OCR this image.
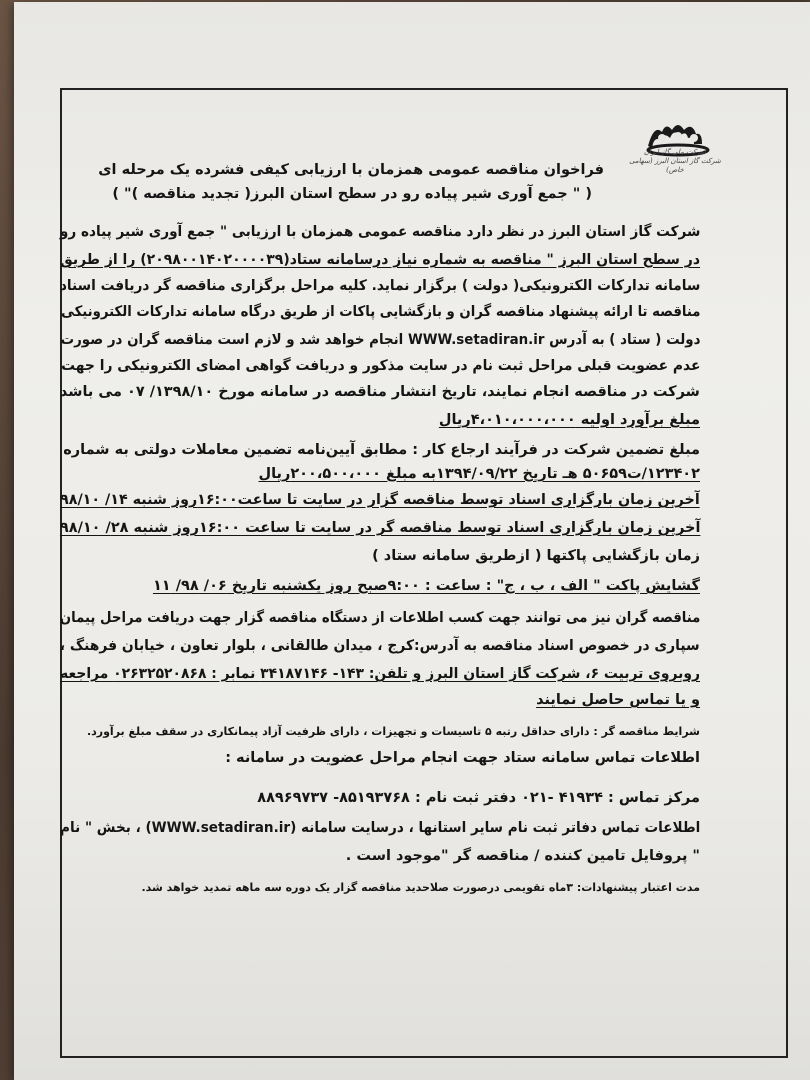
شرکت ملی گاز ایران
شرکت گاز استان البرز (سهامی خاص)
فراخوان مناقصه عمومی همزمان با ارزیابی کیفی فشرده یک مرحله ای
( " جمع آوری شیر پیاده رو در سطح استان البرز( تجدید مناقصه )" )
شرکت گاز استان البرز در نظر دارد مناقصه عمومی همزمان با ارزیابی " جمع آوری شیر پیاده رو
در سطح استان البرز " مناقصه به شماره نیاز درسامانه ستاد(۲۰۹۸۰۰۱۴۰۲۰۰۰۰۳۹) را از طریق
سامانه تدارکات الکترونیکی( دولت ) برگزار نماید. کلیه مراحل برگزاری مناقصه گر دریافت اسناد
مناقصه تا ارائه پیشنهاد مناقصه گران و بازگشایی پاکات از طریق درگاه سامانه تدارکات الکترونیکی
دولت ( ستاد ) به آدرس WWW.setadiran.ir انجام خواهد شد و لازم است مناقصه گران در صورت
عدم عضویت قبلی مراحل ثبت نام در سایت مذکور و دریافت گواهی امضای الکترونیکی را جهت
شرکت در مناقصه انجام نمایند، تاریخ انتشار مناقصه در سامانه مورخ ۱۳۹۸/۱۰/ ۰۷ می باشد
مبلغ برآورد اولیه ۴،۰۱۰،۰۰۰،۰۰۰ریال
مبلغ تضمین شرکت در فرآیند ارجاع کار : مطابق آیین‌نامه تضمین معاملات دولتی به شماره
۱۲۳۴۰۲/ت۵۰۶۵۹ هـ تاریخ ۱۳۹۴/۰۹/۲۲به مبلغ ۲۰۰،۵۰۰،۰۰۰ریال
آخرین زمان بارگزاری اسناد توسط مناقصه گزار در سایت تا ساعت۱۶:۰۰روز شنبه ۱۴/ ۹۸/۱۰
آخرین زمان بارگزاری اسناد توسط مناقصه گر در سایت تا ساعت ۱۶:۰۰روز شنبه ۲۸/ ۹۸/۱۰
زمان بازگشایی پاکتها ( ازطریق سامانه ستاد )
گشایش پاکت " الف ، ب ، ج" : ساعت : ۹:۰۰صبح روز یکشنبه تاریخ ۰۶/ ۹۸/ ۱۱
مناقصه گران نیز می توانند جهت کسب اطلاعات از دستگاه مناقصه گزار جهت دریافت مراحل پیمان
سپاری در خصوص اسناد مناقصه به آدرس:کرج ، میدان طالقانی ، بلوار تعاون ، خیابان فرهنگ ،
روبروی تربیت ۶، شرکت گاز استان البرز و تلفن: ۱۴۳- ۳۴۱۸۷۱۴۶ نمابر : ۰۲۶۳۲۵۲۰۸۶۸ مراجعه
و یا تماس حاصل نمایند
شرایط مناقصه گر : دارای حداقل رتبه ۵ تاسیسات و تجهیزات ، دارای ظرفیت آزاد پیمانکاری در سقف مبلغ برآورد.
اطلاعات تماس سامانه ستاد جهت انجام مراحل عضویت در سامانه :
مرکز تماس : ۴۱۹۳۴ -۰۲۱ دفتر ثبت نام : ۸۵۱۹۳۷۶۸- ۸۸۹۶۹۷۳۷
اطلاعات تماس دفاتر ثبت نام سایر استانها ، درسایت سامانه (WWW.setadiran.ir) ، بخش " نام
" پروفایل تامین کننده / مناقصه گر "موجود است .
مدت اعتبار پیشنهادات: ۳ماه تقویمی درصورت صلاحدید مناقصه گزار یک دوره سه ماهه تمدید خواهد شد.
